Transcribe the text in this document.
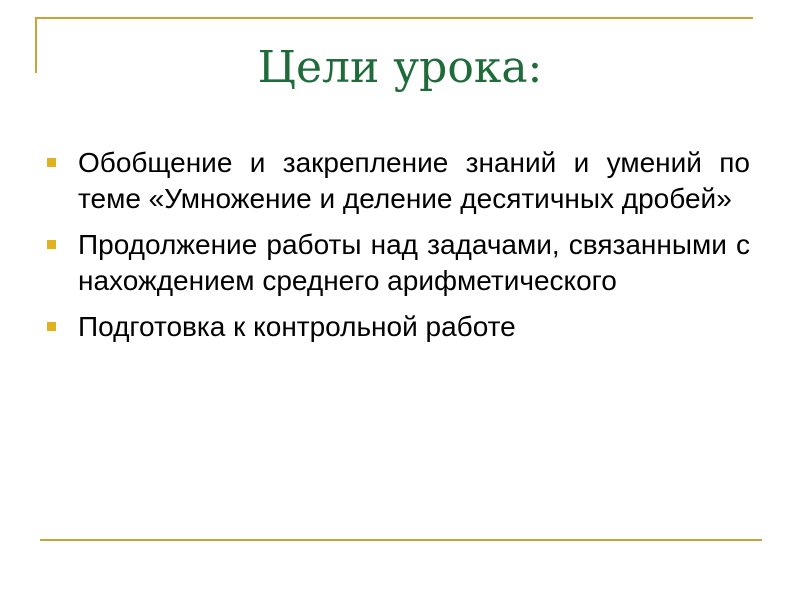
Цели урока:
Обобщение и закрепление знаний и умений по теме «Умножение и деление десятичных дробей»
Продолжение работы над задачами, связанными с нахождением среднего арифметического
Подготовка к контрольной работе
